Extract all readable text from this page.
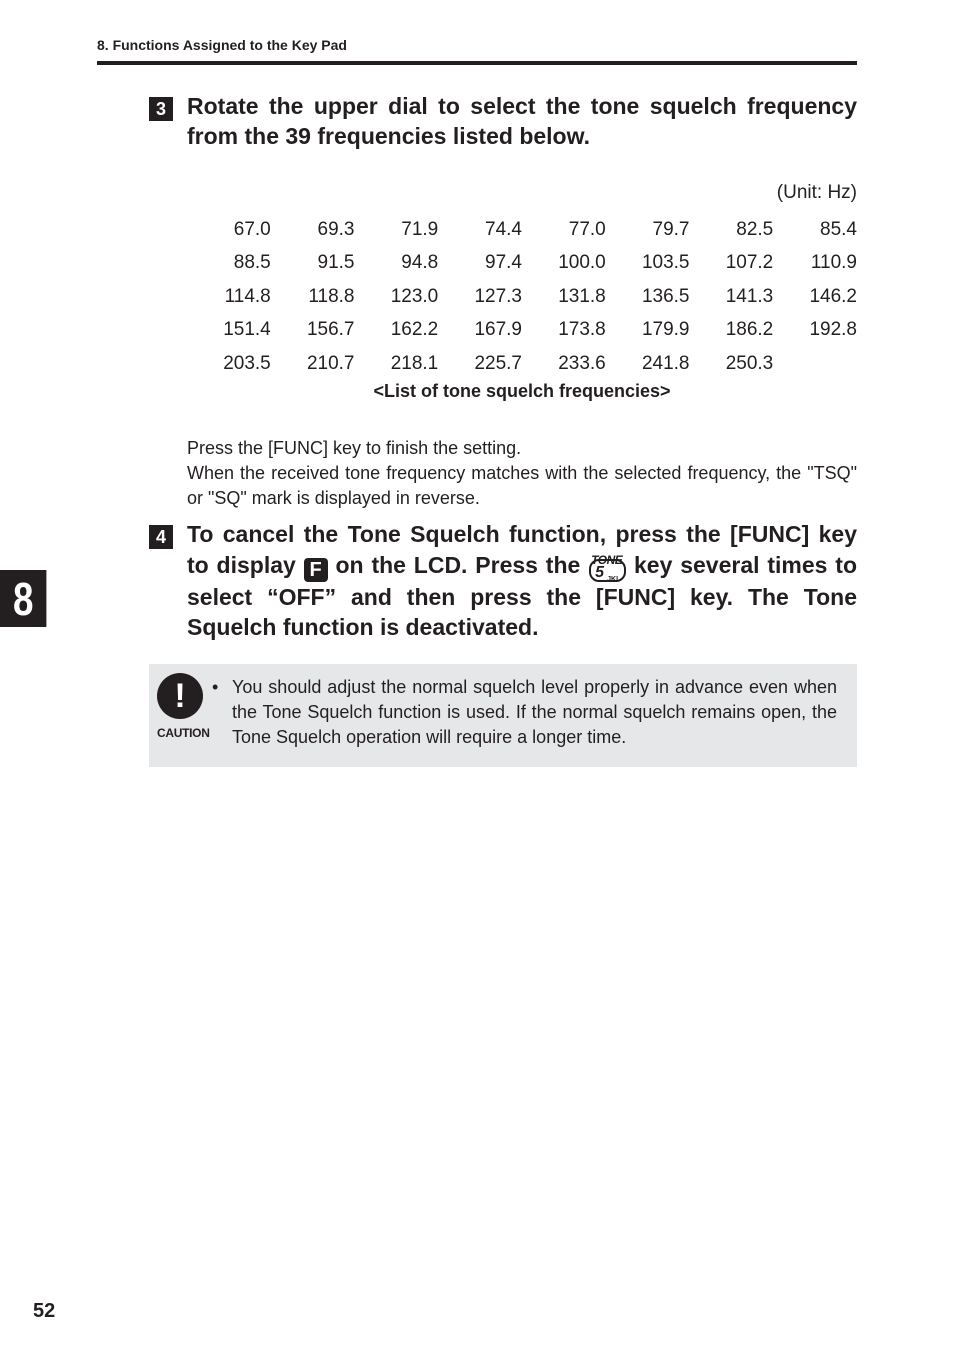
8. Functions Assigned to the Key Pad
8
3 Rotate the upper dial to select the tone squelch frequency from the 39 frequencies listed below.
(Unit: Hz)
67.0	69.3	71.9	74.4	77.0	79.7	82.5	85.4
88.5	91.5	94.8	97.4	100.0	103.5	107.2	110.9
114.8	118.8	123.0	127.3	131.8	136.5	141.3	146.2
151.4	156.7	162.2	167.9	173.8	179.9	186.2	192.8
203.5	210.7	218.1	225.7	233.6	241.8	250.3	
<List of tone squelch frequencies>
Press the [FUNC] key to finish the setting.
When the received tone frequency matches with the selected frequency, the "TSQ" or "SQ" mark is displayed in reverse.
4 To cancel the Tone Squelch function, press the [FUNC] key to display F on the LCD. Press the TONE
5 JKL
key several times to select “OFF” and then press the [FUNC] key. The Tone Squelch function is deactivated.
!
CAUTION
• You should adjust the normal squelch level properly in advance even when the Tone Squelch function is used. If the normal squelch remains open, the Tone Squelch operation will require a longer time.
52
